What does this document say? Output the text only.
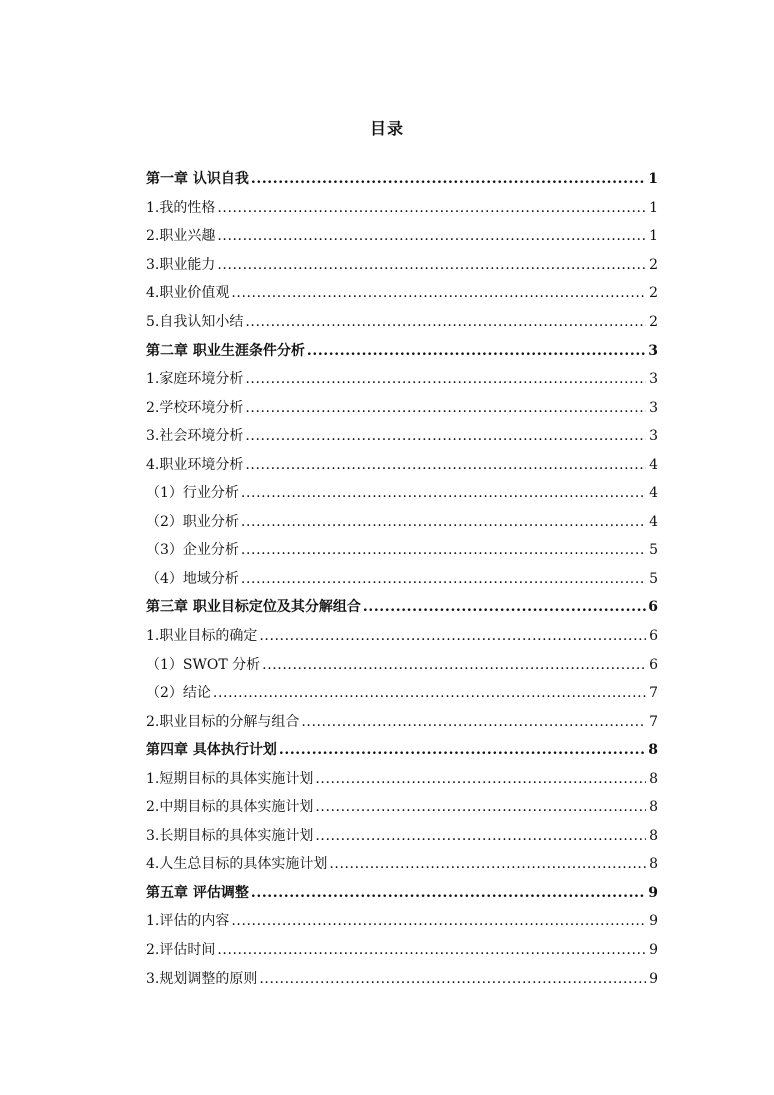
目录
第一章 认识自我 .....	1
1.我的性格 .....	1
2.职业兴趣 .....	1
3.职业能力 .....	2
4.职业价值观 .....	2
5.自我认知小结 .....	2
第二章 职业生涯条件分析 .....	3
1.家庭环境分析 .....	3
2.学校环境分析 .....	3
3.社会环境分析 .....	3
4.职业环境分析 .....	4
（1）行业分析 .....	4
（2）职业分析 .....	4
（3）企业分析 .....	5
（4）地域分析 .....	5
第三章 职业目标定位及其分解组合 .....	6
1.职业目标的确定 .....	6
（1）SWOT 分析 .....	6
（2）结论 .....	7
2.职业目标的分解与组合 .....	7
第四章 具体执行计划 .....	8
1.短期目标的具体实施计划 .....	8
2.中期目标的具体实施计划 .....	8
3.长期目标的具体实施计划 .....	8
4.人生总目标的具体实施计划 .....	8
第五章 评估调整 .....	9
1.评估的内容 .....	9
2.评估时间 .....	9
3.规划调整的原则 .....	9
